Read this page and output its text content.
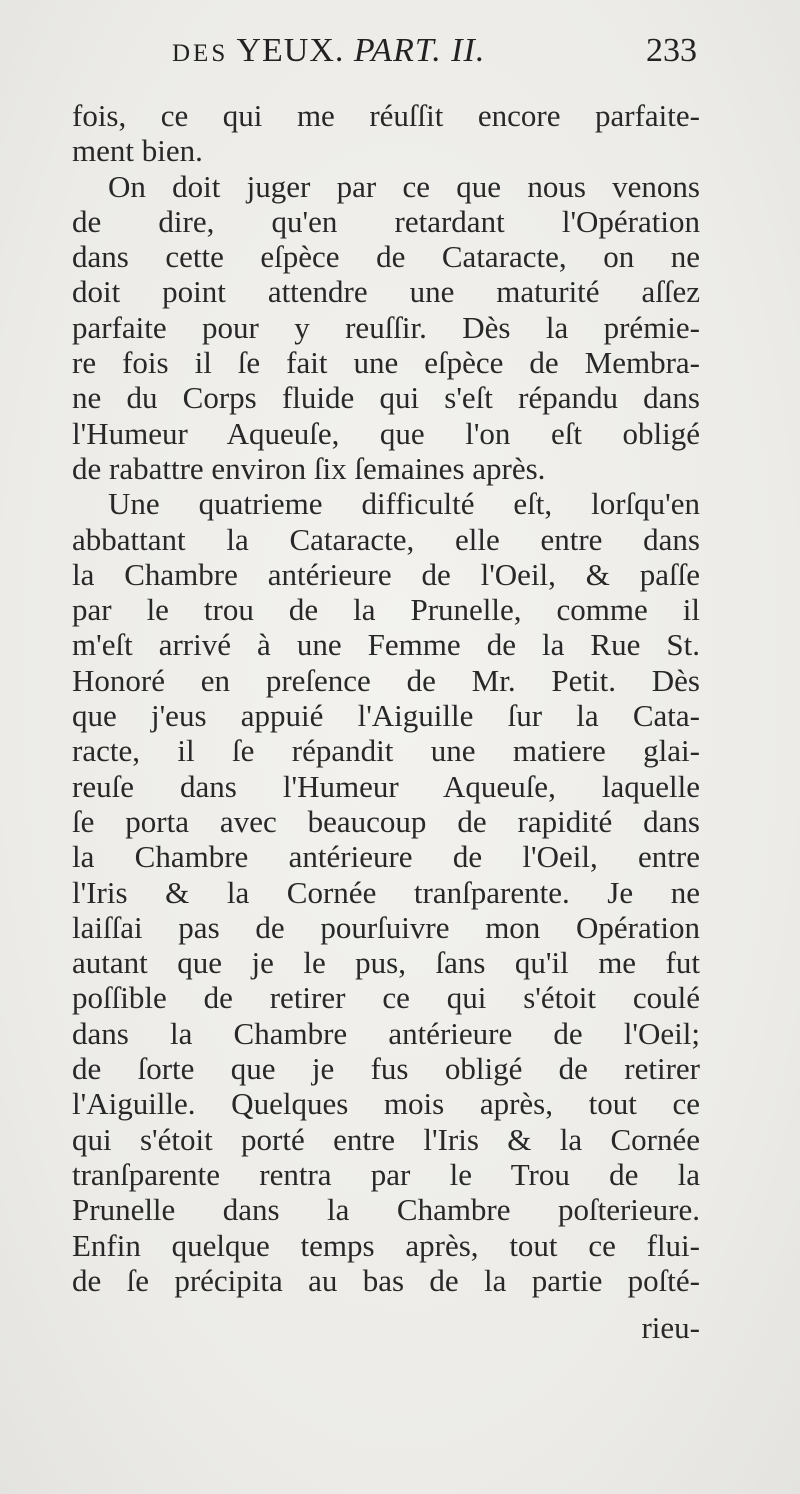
DES YEUX. PART. II.	233
fois, ce qui me réuſſit encore parfaite-
ment bien.
On doit juger par ce que nous venons
de dire, qu'en retardant l'Opération
dans cette eſpèce de Cataracte, on ne
doit point attendre une maturité aſſez
parfaite pour y reuſſir. Dès la prémie-
re fois il ſe fait une eſpèce de Membra-
ne du Corps fluide qui s'eſt répandu dans
l'Humeur Aqueuſe, que l'on eſt obligé
de rabattre environ ſix ſemaines après.
Une quatrieme difficulté eſt, lorſqu'en
abbattant la Cataracte, elle entre dans
la Chambre antérieure de l'Oeil, & paſſe
par le trou de la Prunelle, comme il
m'eſt arrivé à une Femme de la Rue St.
Honoré en preſence de Mr. Petit. Dès
que j'eus appuié l'Aiguille ſur la Cata-
racte, il ſe répandit une matiere glai-
reuſe dans l'Humeur Aqueuſe, laquelle
ſe porta avec beaucoup de rapidité dans
la Chambre antérieure de l'Oeil, entre
l'Iris & la Cornée tranſparente. Je ne
laiſſai pas de pourſuivre mon Opération
autant que je le pus, ſans qu'il me fut
poſſible de retirer ce qui s'étoit coulé
dans la Chambre antérieure de l'Oeil;
de ſorte que je fus obligé de retirer
l'Aiguille. Quelques mois après, tout ce
qui s'étoit porté entre l'Iris & la Cornée
tranſparente rentra par le Trou de la
Prunelle dans la Chambre poſterieure.
Enfin quelque temps après, tout ce flui-
de ſe précipita au bas de la partie poſté-
rieu-
